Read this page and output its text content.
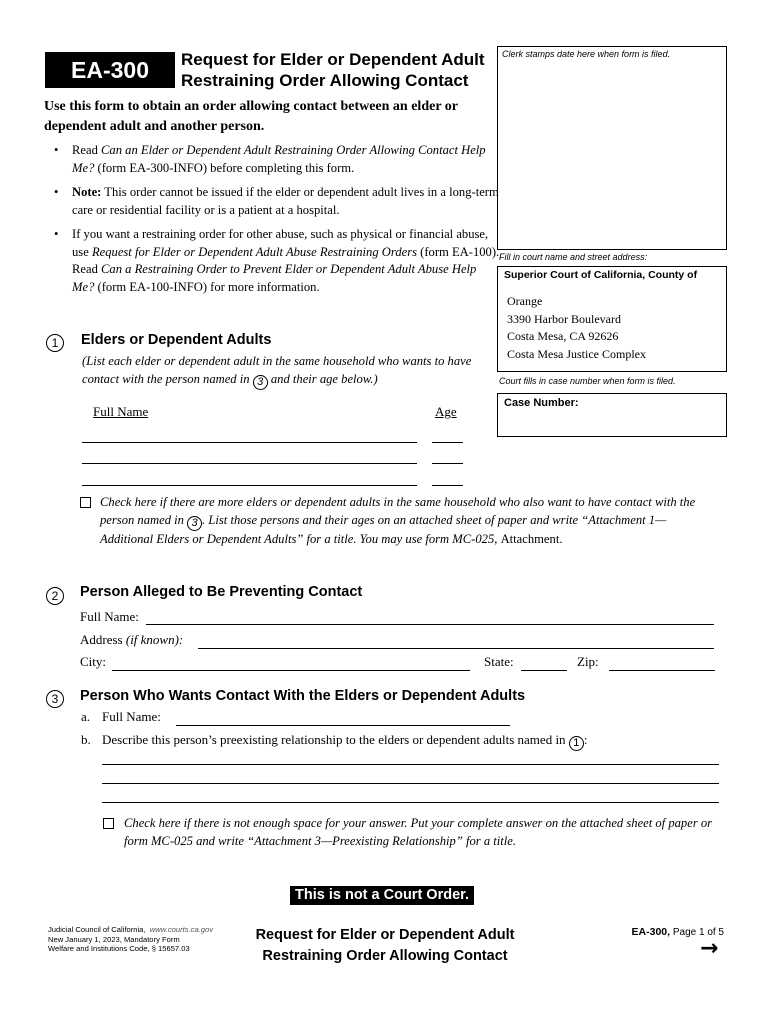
EA-300	Request for Elder or Dependent Adult
Restraining Order Allowing Contact
Clerk stamps date here when form is filed.
Fill in court name and street address:
Superior Court of California, County of
Orange
3390 Harbor Boulevard
Costa Mesa, CA 92626
Costa Mesa Justice Complex
Court fills in case number when form is filed.
Case Number:
Use this form to obtain an order allowing contact between an elder or dependent adult and another person.
• Read Can an Elder or Dependent Adult Restraining Order Allowing Contact Help Me? (form EA-300-INFO) before completing this form.
• Note: This order cannot be issued if the elder or dependent adult lives in a long-term care or residential facility or is a patient at a hospital.
• If you want a restraining order for other abuse, such as physical or financial abuse, use Request for Elder or Dependent Adult Abuse Restraining Orders (form EA-100). Read Can a Restraining Order to Prevent Elder or Dependent Adult Abuse Help Me? (form EA-100-INFO) for more information.
1	Elders or Dependent Adults
(List each elder or dependent adult in the same household who wants to have contact with the person named in 3 and their age below.)
Full Name	Age
Check here if there are more elders or dependent adults in the same household who also want to have contact with the person named in 3 . List those persons and their ages on an attached sheet of paper and write “Attachment 1—Additional Elders or Dependent Adults” for a title. You may use form MC-025, Attachment.
2	Person Alleged to Be Preventing Contact
Full Name:
Address (if known):
City:	State:	Zip:
3	Person Who Wants Contact With the Elders or Dependent Adults
a. Full Name:
b. Describe this person’s preexisting relationship to the elders or dependent adults named in 1 :
Check here if there is not enough space for your answer. Put your complete answer on the attached sheet of paper or form MC-025 and write “Attachment 3—Preexisting Relationship” for a title.
This is not a Court Order.
Judicial Council of California, www.courts.ca.gov
New January 1, 2023, Mandatory Form
Welfare and Institutions Code, § 15657.03
Request for Elder or Dependent Adult
Restraining Order Allowing Contact
EA-300, Page 1 of 5
→
